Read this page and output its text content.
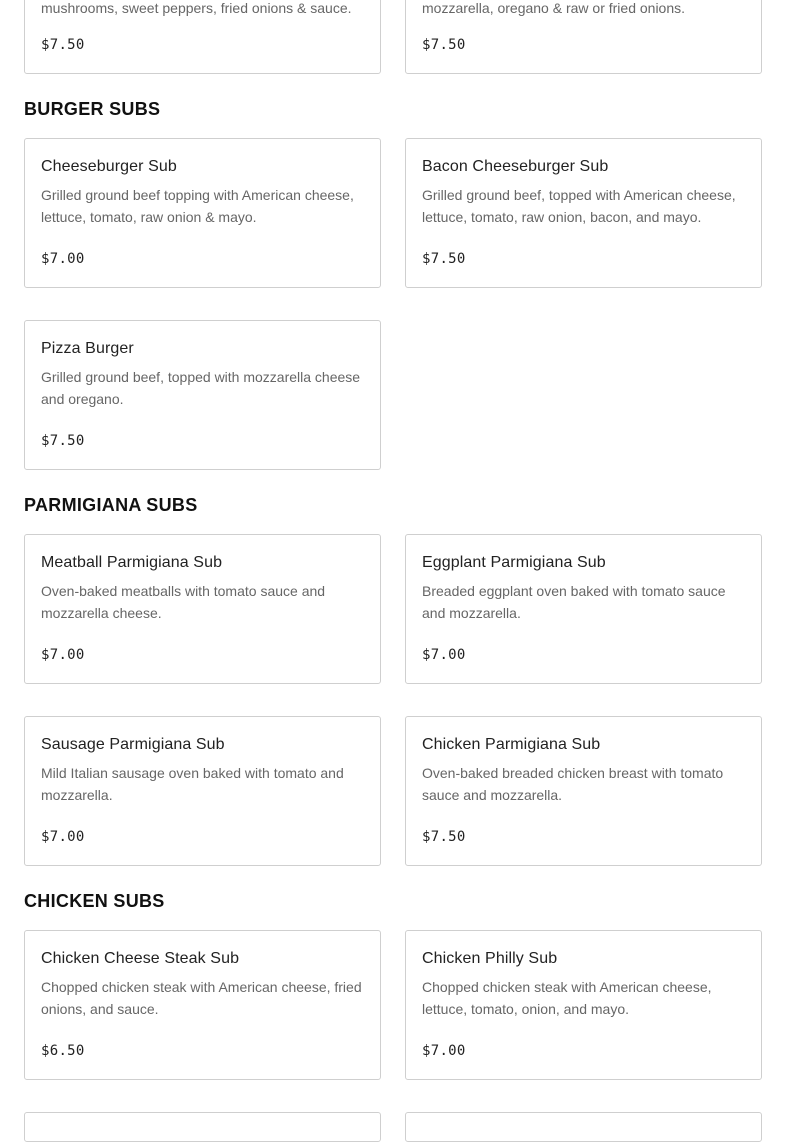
mushrooms, sweet peppers, fried onions & sauce.
$7.50
mozzarella, oregano & raw or fried onions.
$7.50
BURGER SUBS
Cheeseburger Sub
Grilled ground beef topping with American cheese, lettuce, tomato, raw onion & mayo.
$7.00
Bacon Cheeseburger Sub
Grilled ground beef, topped with American cheese, lettuce, tomato, raw onion, bacon, and mayo.
$7.50
Pizza Burger
Grilled ground beef, topped with mozzarella cheese and oregano.
$7.50
PARMIGIANA SUBS
Meatball Parmigiana Sub
Oven-baked meatballs with tomato sauce and mozzarella cheese.
$7.00
Eggplant Parmigiana Sub
Breaded eggplant oven baked with tomato sauce and mozzarella.
$7.00
Sausage Parmigiana Sub
Mild Italian sausage oven baked with tomato and mozzarella.
$7.00
Chicken Parmigiana Sub
Oven-baked breaded chicken breast with tomato sauce and mozzarella.
$7.50
CHICKEN SUBS
Chicken Cheese Steak Sub
Chopped chicken steak with American cheese, fried onions, and sauce.
$6.50
Chicken Philly Sub
Chopped chicken steak with American cheese, lettuce, tomato, onion, and mayo.
$7.00
